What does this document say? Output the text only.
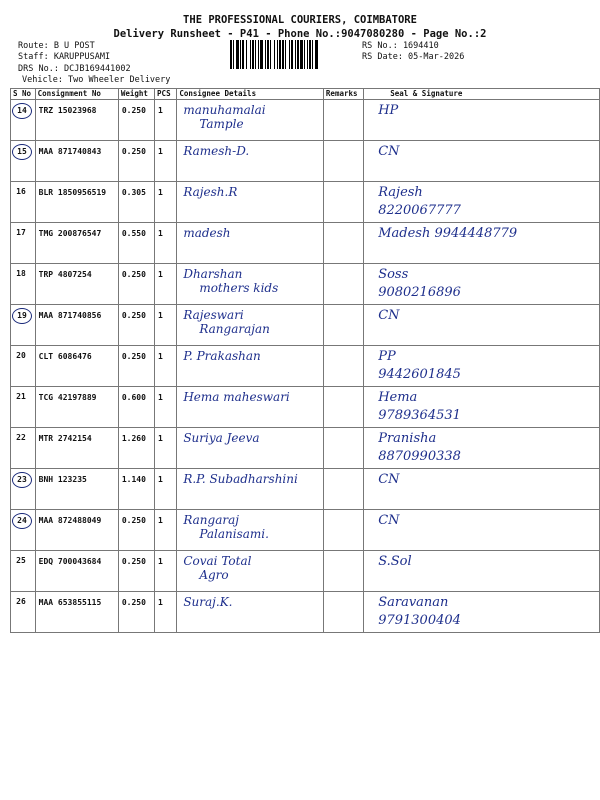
THE PROFESSIONAL COURIERS, COIMBATORE
Delivery Runsheet - P41 - Phone No.:9047080280 - Page No.:2
Route: B U POST
Staff: KARUPPUSAMI
DRS No.: DCJB169441002
Vehicle: Two Wheeler Delivery
RS No.: 1694410
RS Date: 05-Mar-2026
S No	Consignment No	Weight	PCS	Consignee Details	Remarks	Seal & Signature
14	TRZ 15023968	0.250	1	manuhamalai
Tample		HP

15	MAA 871740843	0.250	1	Ramesh-D.		CN

16	BLR 1850956519	0.305	1	Rajesh.R		Rajesh
8220067777

17	TMG 200876547	0.550	1	madesh		Madesh 9944448779

18	TRP 4807254	0.250	1	Dharshan
mothers kids		Soss
9080216896

19	MAA 871740856	0.250	1	Rajeswari
Rangarajan		CN

20	CLT 6086476	0.250	1	P. Prakashan		PP
9442601845

21	TCG 42197889	0.600	1	Hema maheswari		Hema
9789364531

22	MTR 2742154	1.260	1	Suriya Jeeva		Pranisha
8870990338

23	BNH 123235	1.140	1	R.P. Subadharshini		CN

24	MAA 872488049	0.250	1	Rangaraj
Palanisami.		CN

25	EDQ 700043684	0.250	1	Covai Total
Agro		S.Sol

26	MAA 653855115	0.250	1	Suraj.K.		Saravanan
9791300404
